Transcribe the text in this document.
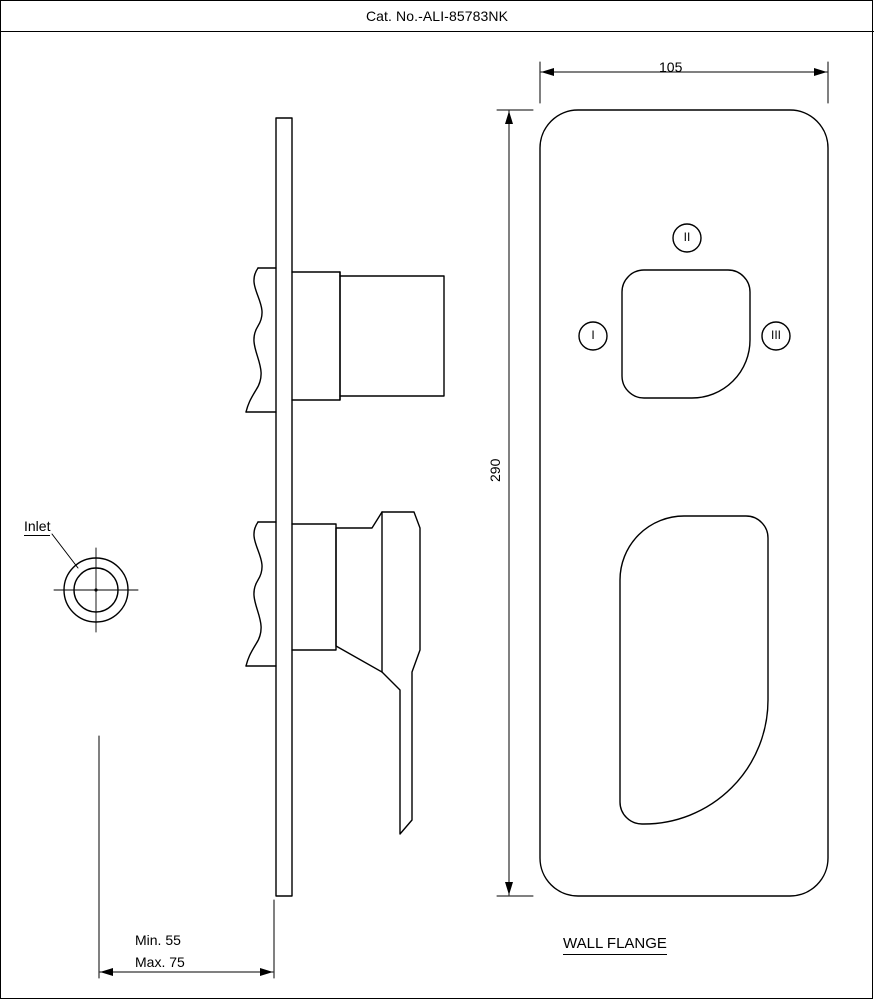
Cat. No.-ALI-85783NK
105
290
Inlet
Min. 55
Max. 75
WALL FLANGE
I
II
III
